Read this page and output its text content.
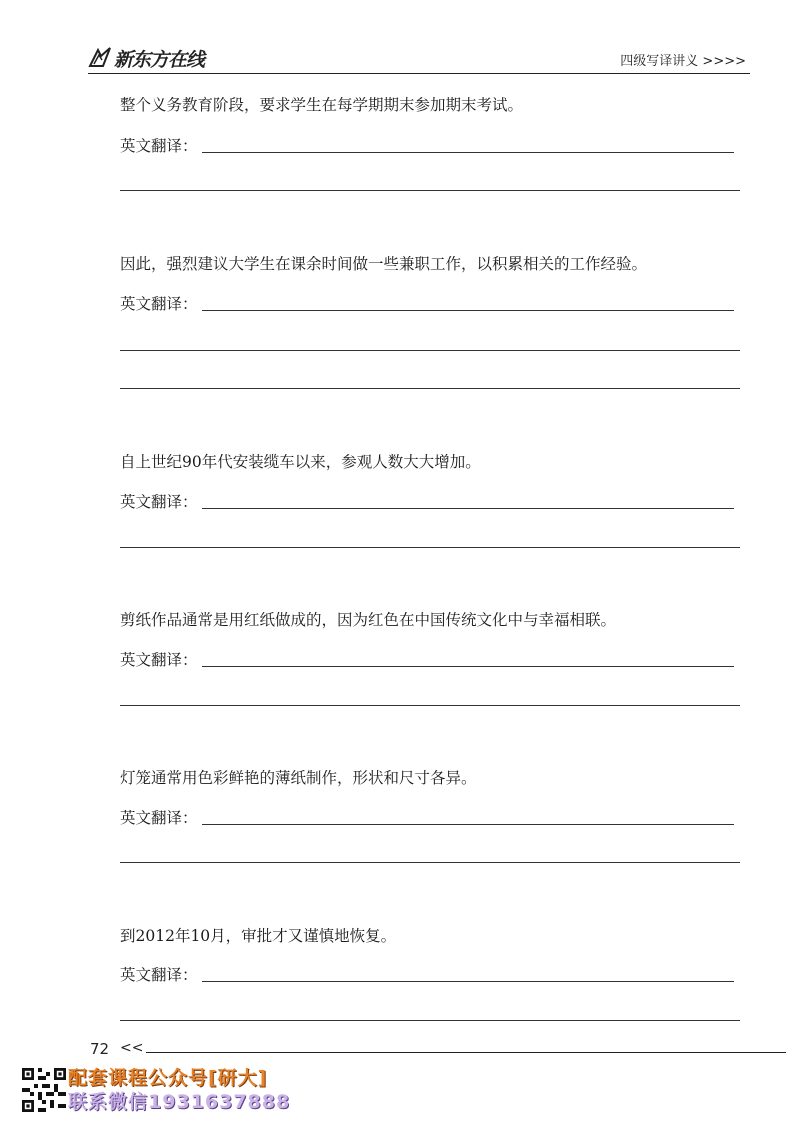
新东方在线	四级写译讲义 >>>>
整个义务教育阶段，要求学生在每学期期末参加期末考试。
英文翻译：
因此，强烈建议大学生在课余时间做一些兼职工作，以积累相关的工作经验。
英文翻译：
自上世纪90年代安装缆车以来，参观人数大大增加。
英文翻译：
剪纸作品通常是用红纸做成的，因为红色在中国传统文化中与幸福相联。
英文翻译：
灯笼通常用色彩鲜艳的薄纸制作，形状和尺寸各异。
英文翻译：
到2012年10月，审批才又谨慎地恢复。
英文翻译：
72 <<
配套课程公众号[研大]
联系微信1931637888
